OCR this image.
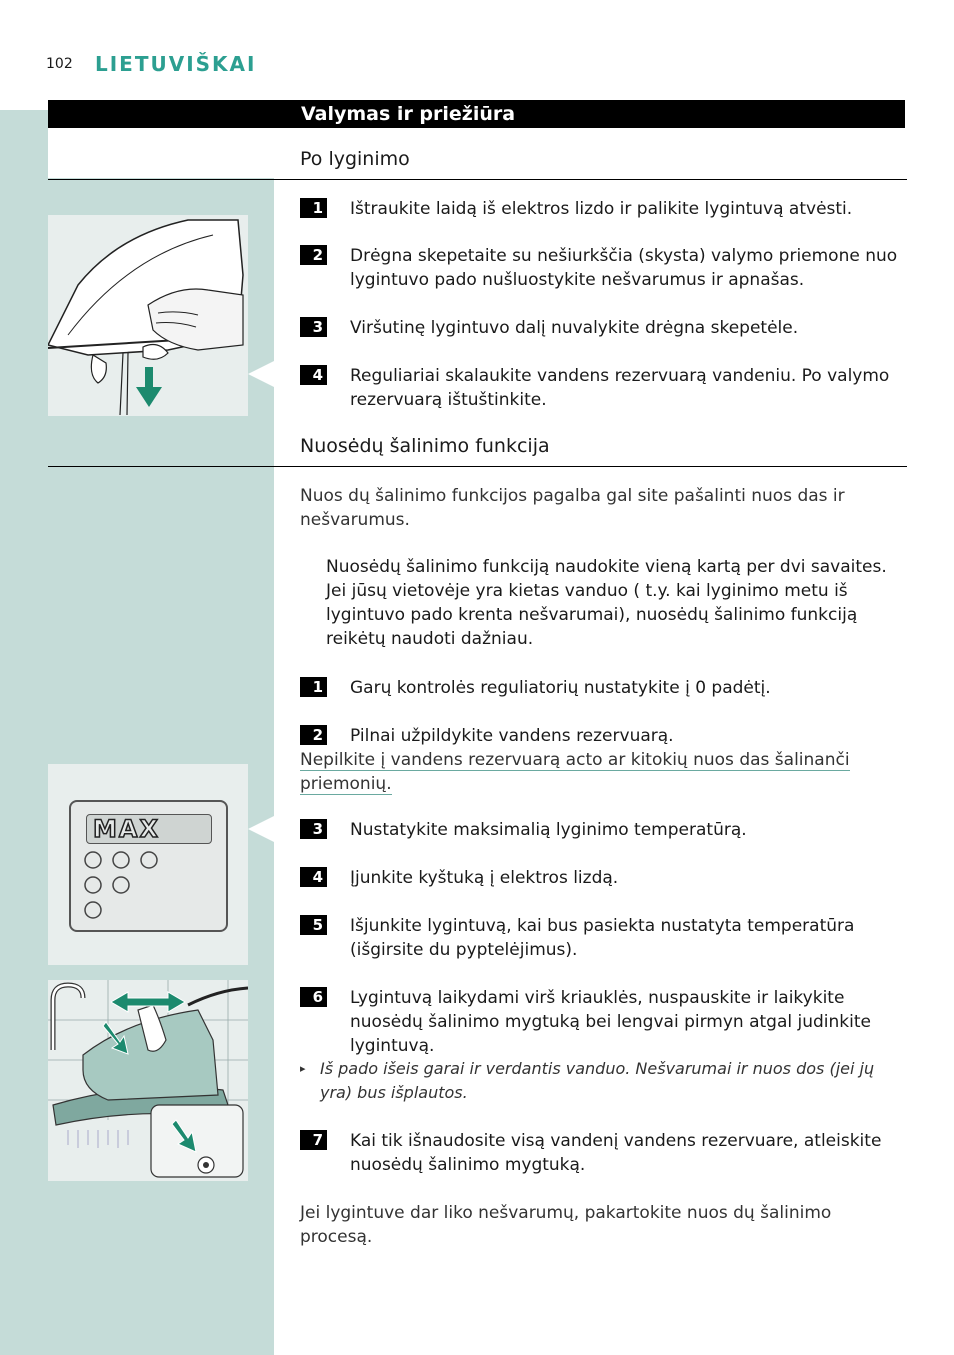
102 LIETUVIŠKAI
Valymas ir priežiūra
Po lyginimo
1 Ištraukite laidą iš elektros lizdo ir palikite lygintuvą atvėsti.
2 Drėgna skepetaite su nešiurkščia (skysta) valymo priemone nuo lygintuvo pado nušluostykite nešvarumus ir apnašas.
3 Viršutinę lygintuvo dalį nuvalykite drėgna skepetėle.
4 Reguliariai skalaukite vandens rezervuarą vandeniu. Po valymo rezervuarą ištuštinkite.
Nuosėdų šalinimo funkcija
Nuos dų šalinimo funkcijos pagalba gal site pašalinti nuos das ir nešvarumus.
Nuosėdų šalinimo funkciją naudokite vieną kartą per dvi savaites. Jei jūsų vietovėje yra kietas vanduo ( t.y. kai lyginimo metu iš lygintuvo pado krenta nešvarumai), nuosėdų šalinimo funkciją reikėtų naudoti dažniau.
1 Garų kontrolės reguliatorių nustatykite į 0 padėtį.
2 Pilnai užpildykite vandens rezervuarą.
Nepilkite į vandens rezervuarą acto ar kitokių nuos das šalinanči priemonių.
3 Nustatykite maksimalią lyginimo temperatūrą.
4 Įjunkite kyštuką į elektros lizdą.
5 Išjunkite lygintuvą, kai bus pasiekta nustatyta temperatūra (išgirsite du pyptelėjimus).
6 Lygintuvą laikydami virš kriauklės, nuspauskite ir laikykite nuosėdų šalinimo mygtuką bei lengvai pirmyn atgal judinkite lygintuvą.
▸ Iš pado išeis garai ir verdantis vanduo. Nešvarumai ir nuos dos (jei jų yra) bus išplautos.
7 Kai tik išnaudosite visą vandenį vandens rezervuare, atleiskite nuosėdų šalinimo mygtuką.
Jei lygintuve dar liko nešvarumų, pakartokite nuos dų šalinimo procesą.
MAX
